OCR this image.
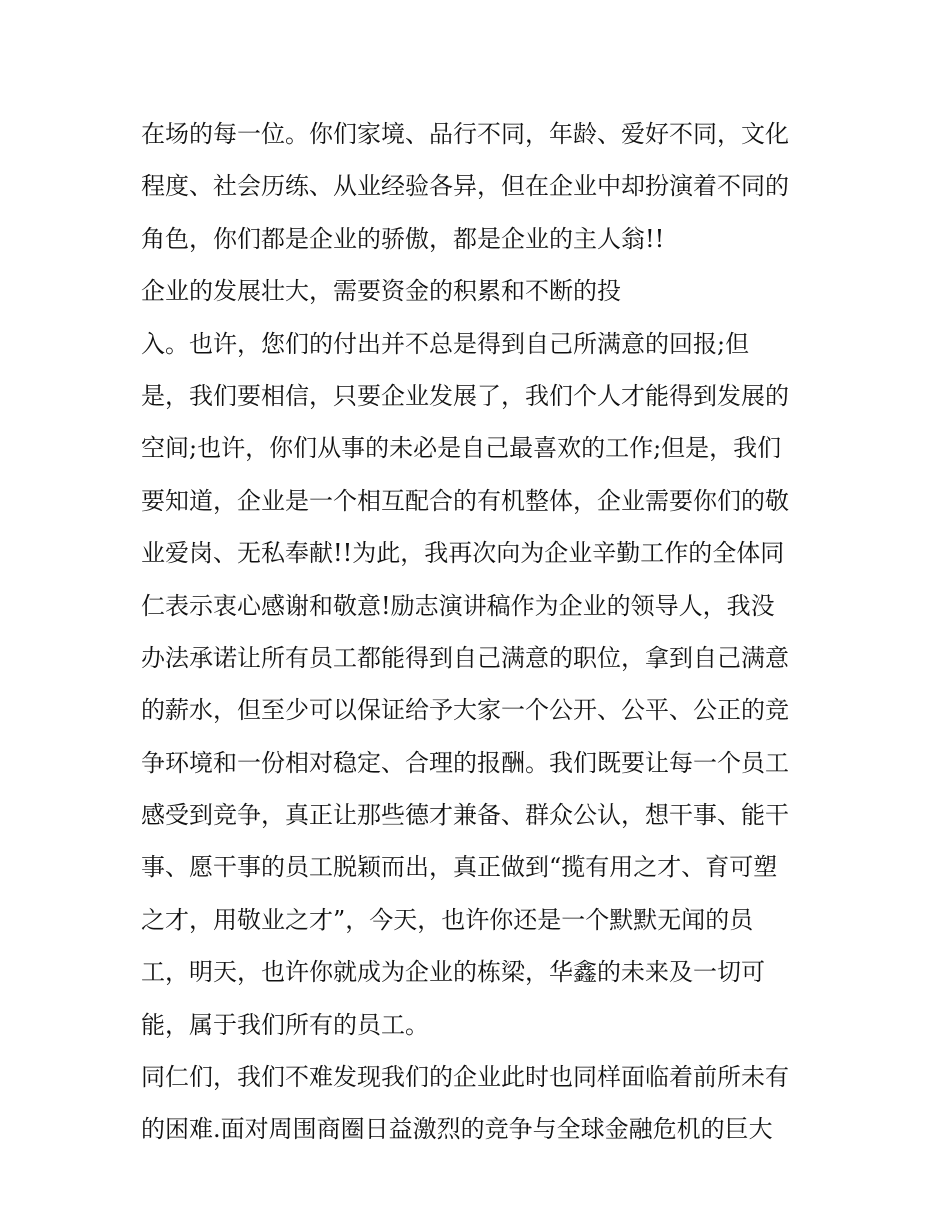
在场的每一位。你们家境、品行不同，年龄、爱好不同，文化
程度、社会历练、从业经验各异，但在企业中却扮演着不同的
角色，你们都是企业的骄傲，都是企业的主人翁!!
企业的发展壮大，需要资金的积累和不断的投
入。也许，您们的付出并不总是得到自己所满意的回报;但
是，我们要相信，只要企业发展了，我们个人才能得到发展的
空间;也许，你们从事的未必是自己最喜欢的工作;但是，我们
要知道，企业是一个相互配合的有机整体，企业需要你们的敬
业爱岗、无私奉献!!为此，我再次向为企业辛勤工作的全体同
仁表示衷心感谢和敬意!励志演讲稿作为企业的领导人，我没
办法承诺让所有员工都能得到自己满意的职位，拿到自己满意
的薪水，但至少可以保证给予大家一个公开、公平、公正的竞
争环境和一份相对稳定、合理的报酬。我们既要让每一个员工
感受到竞争，真正让那些德才兼备、群众公认，想干事、能干
事、愿干事的员工脱颖而出，真正做到“揽有用之才、育可塑
之才，用敬业之才”，今天，也许你还是一个默默无闻的员
工，明天，也许你就成为企业的栋梁，华鑫的未来及一切可
能，属于我们所有的员工。
同仁们，我们不难发现我们的企业此时也同样面临着前所未有
的困难.面对周围商圈日益激烈的竞争与全球金融危机的巨大
